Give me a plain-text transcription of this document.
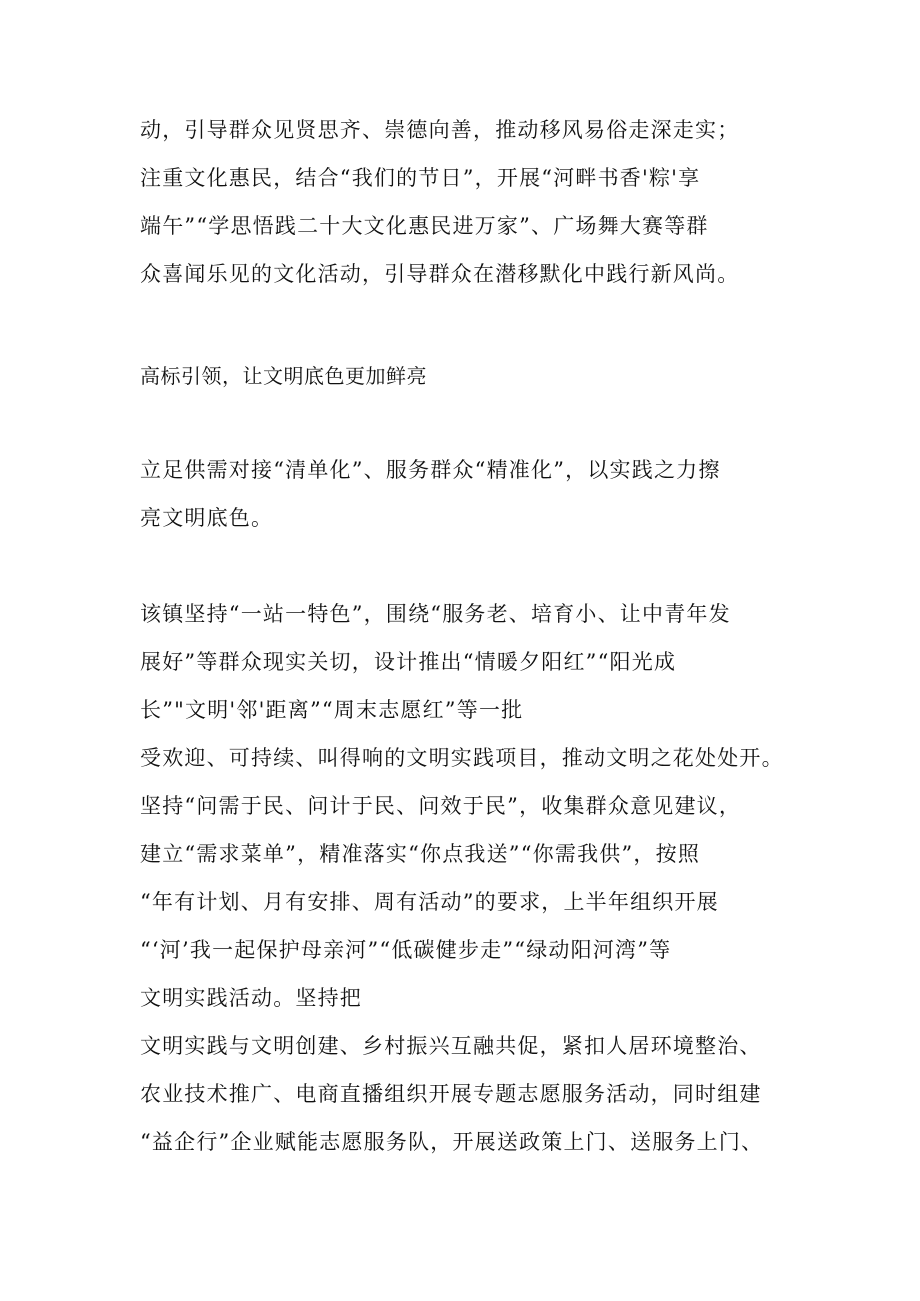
动，引导群众见贤思齐、崇德向善，推动移风易俗走深走实；
注重文化惠民，结合“我们的节日”，开展“河畔书香'粽'享
端午”“学思悟践二十大文化惠民进万家”、广场舞大赛等群
众喜闻乐见的文化活动，引导群众在潜移默化中践行新风尚。
高标引领，让文明底色更加鲜亮
立足供需对接“清单化”、服务群众“精准化”，以实践之力擦
亮文明底色。
该镇坚持“一站一特色”，围绕“服务老、培育小、让中青年发
展好”等群众现实关切，设计推出“情暖夕阳红”“阳光成
长”"文明'邻'距离”“周末志愿红”等一批
受欢迎、可持续、叫得响的文明实践项目，推动文明之花处处开。
坚持“问需于民、问计于民、问效于民”，收集群众意见建议，
建立“需求菜单”，精准落实“你点我送”“你需我供”，按照
“年有计划、月有安排、周有活动”的要求，上半年组织开展
“‘河’我一起保护母亲河”“低碳健步走”“绿动阳河湾”等
文明实践活动。坚持把
文明实践与文明创建、乡村振兴互融共促，紧扣人居环境整治、
农业技术推广、电商直播组织开展专题志愿服务活动，同时组建
“益企行”企业赋能志愿服务队，开展送政策上门、送服务上门、
